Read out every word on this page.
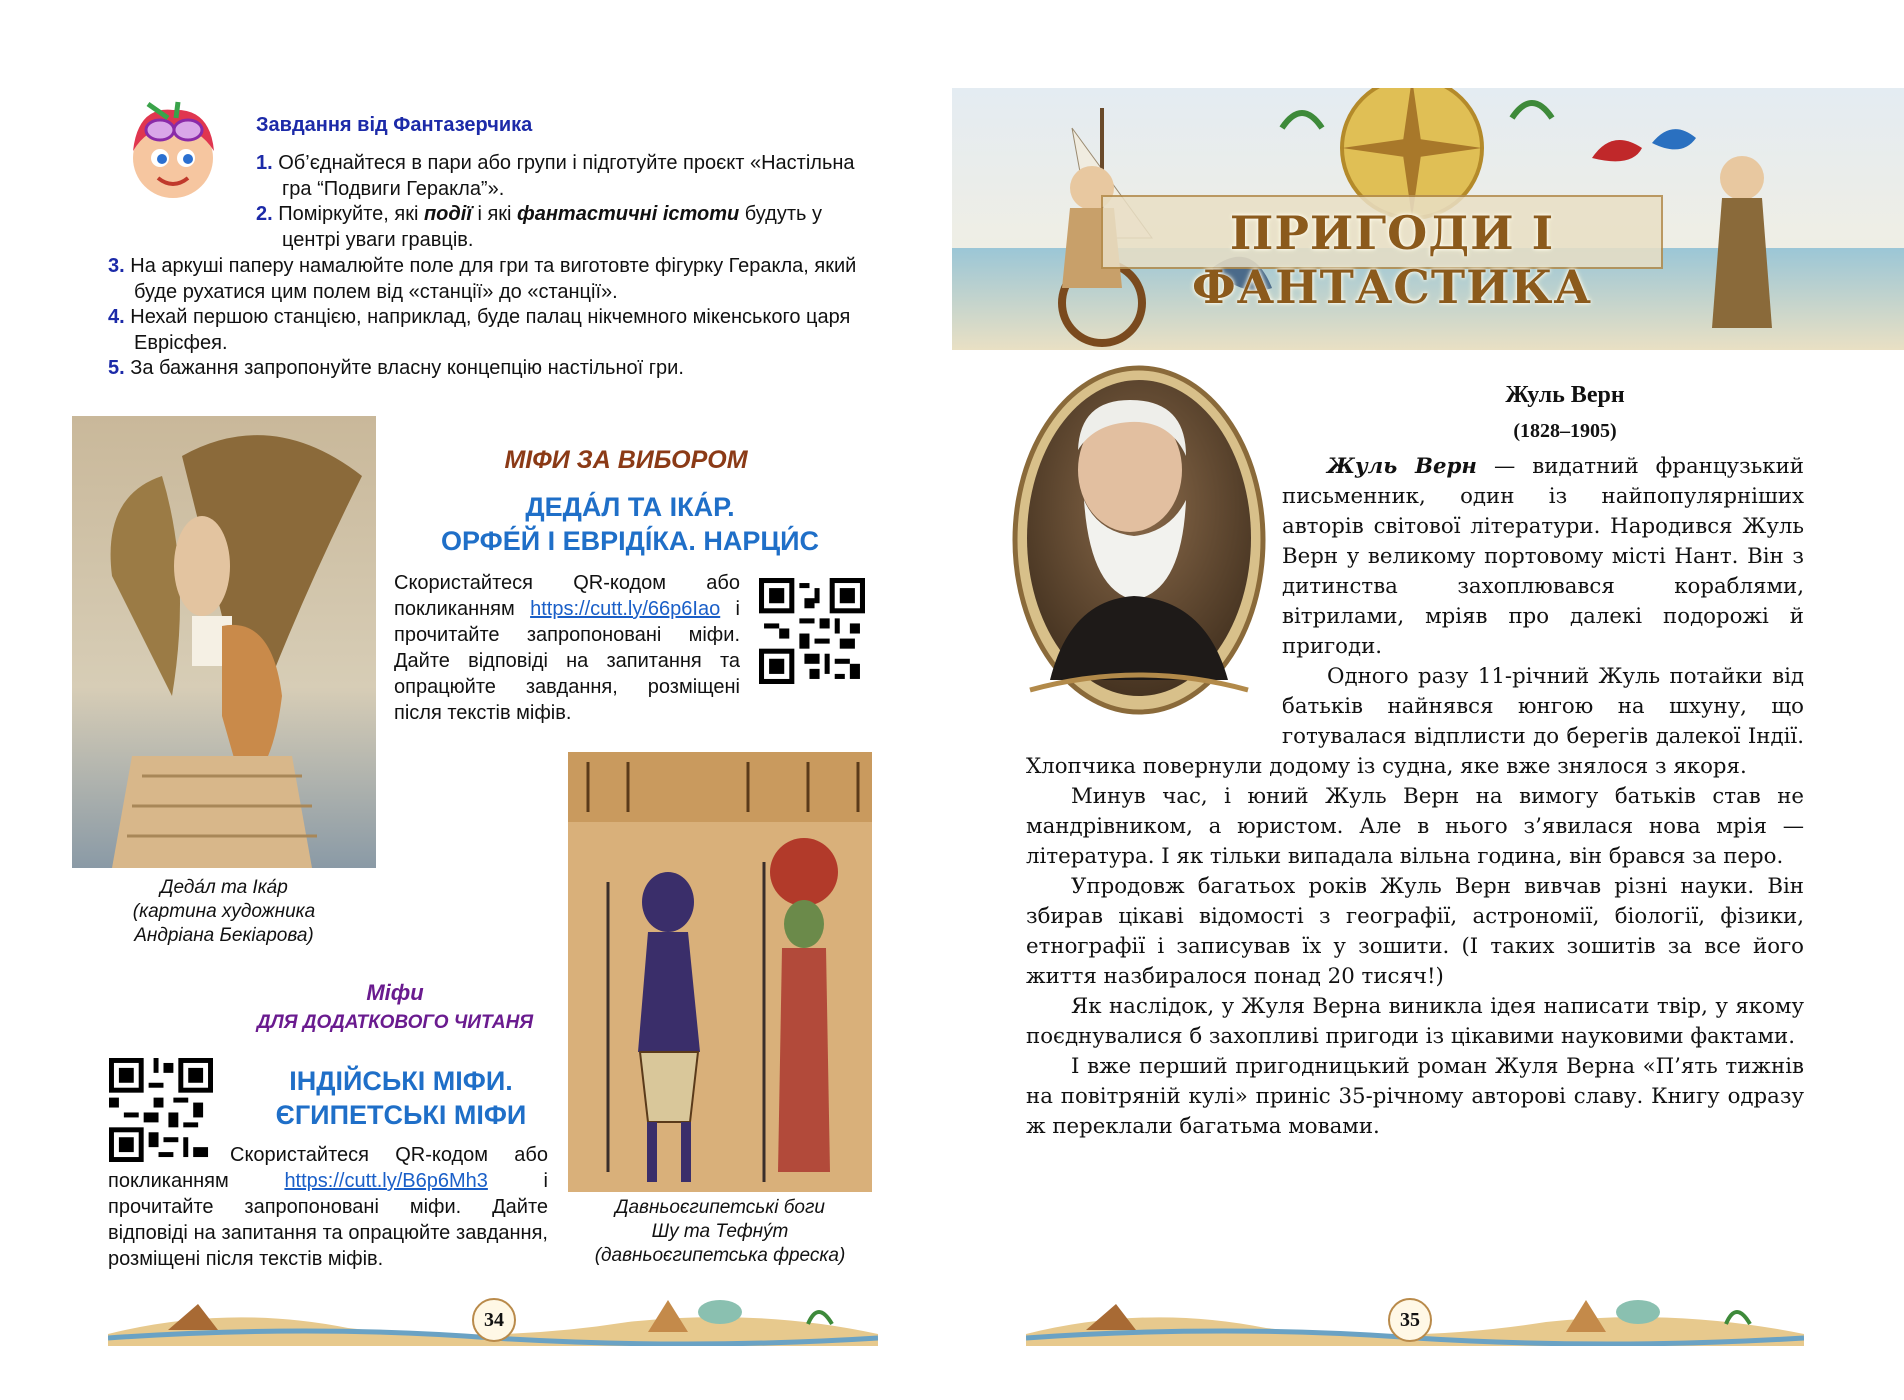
Завдання від Фантазерчика
1. Об’єднайтеся в пари або групи і підготуйте проєкт «Настільна гра “Подвиги Геракла”».
2. Поміркуйте, які події і які фантастичні істоти будуть у центрі уваги гравців.
3. На аркуші паперу намалюйте поле для гри та виготовте фігурку Геракла, який буде рухатися цим полем від «станції» до «станції».
4. Нехай першою станцією, наприклад, буде палац нікчемного мікенського царя Еврісфея.
5. За бажання запропонуйте власну концепцію настільної гри.
Деда́л та Іка́р
(картина художника
Андріана Бекіарова)
МІФИ ЗА ВИБОРОМ
ДЕДА́Л ТА ІКА́Р.
ОРФЕ́Й І ЕВРІДІ́КА. НАРЦИ́С
Скористайтеся QR-кодом або покликанням https://cutt.ly/66p6Iao і прочитайте запропоновані міфи. Дайте відповіді на запитання та опрацюйте завдання, розміщені після текстів міфів.
Давньоєгипетські боги
Шу та Тефну́т
(давньоєгипетська фреска)
Міфи
ДЛЯ ДОДАТКОВОГО ЧИТАНЯ
ІНДІЙСЬКІ МІФИ.
ЄГИПЕТСЬКІ МІФИ
Скористайтеся QR-кодом або покликанням https://cutt.ly/B6p6Mh3 і прочитайте запропоновані міфи. Дайте відповіді на запитання та опрацюйте завдання, розміщені після текстів міфів.
34
ПРИГОДИ І ФАНТАСТИКА
Жуль Верн
(1828–1905)

Жуль Верн — видатний французький письменник, один із найпопулярніших авторів світової літератури. Народився Жуль Верн у великому портовому місті Нант. Він з дитинства захоплювався кораблями, вітрилами, мріяв про далекі подорожі й пригоди.

Одного разу 11-річний Жуль потайки від батьків найнявся юнгою на шхуну, що готувалася відплисти до берегів далекої Індії. Хлопчика повернули додому із судна, яке вже знялося з якоря.

Минув час, і юний Жуль Верн на вимогу батьків став не мандрівником, а юристом. Але в нього з’явилася нова мрія — література. І як тільки випадала вільна година, він брався за перо.

Упродовж багатьох років Жуль Верн вивчав різні науки. Він збирав цікаві відомості з географії, астрономії, біології, фізики, етнографії і записував їх у зошити. (І таких зошитів за все його життя назбиралося понад 20 тисяч!)

Як наслідок, у Жуля Верна виникла ідея написати твір, у якому поєднувалися б захопливі пригоди із цікавими науковими фактами.

І вже перший пригодницький роман Жуля Верна «П’ять тижнів на повітряній кулі» приніс 35-річному авторові славу. Книгу одразу ж переклали багатьма мовами.

35
